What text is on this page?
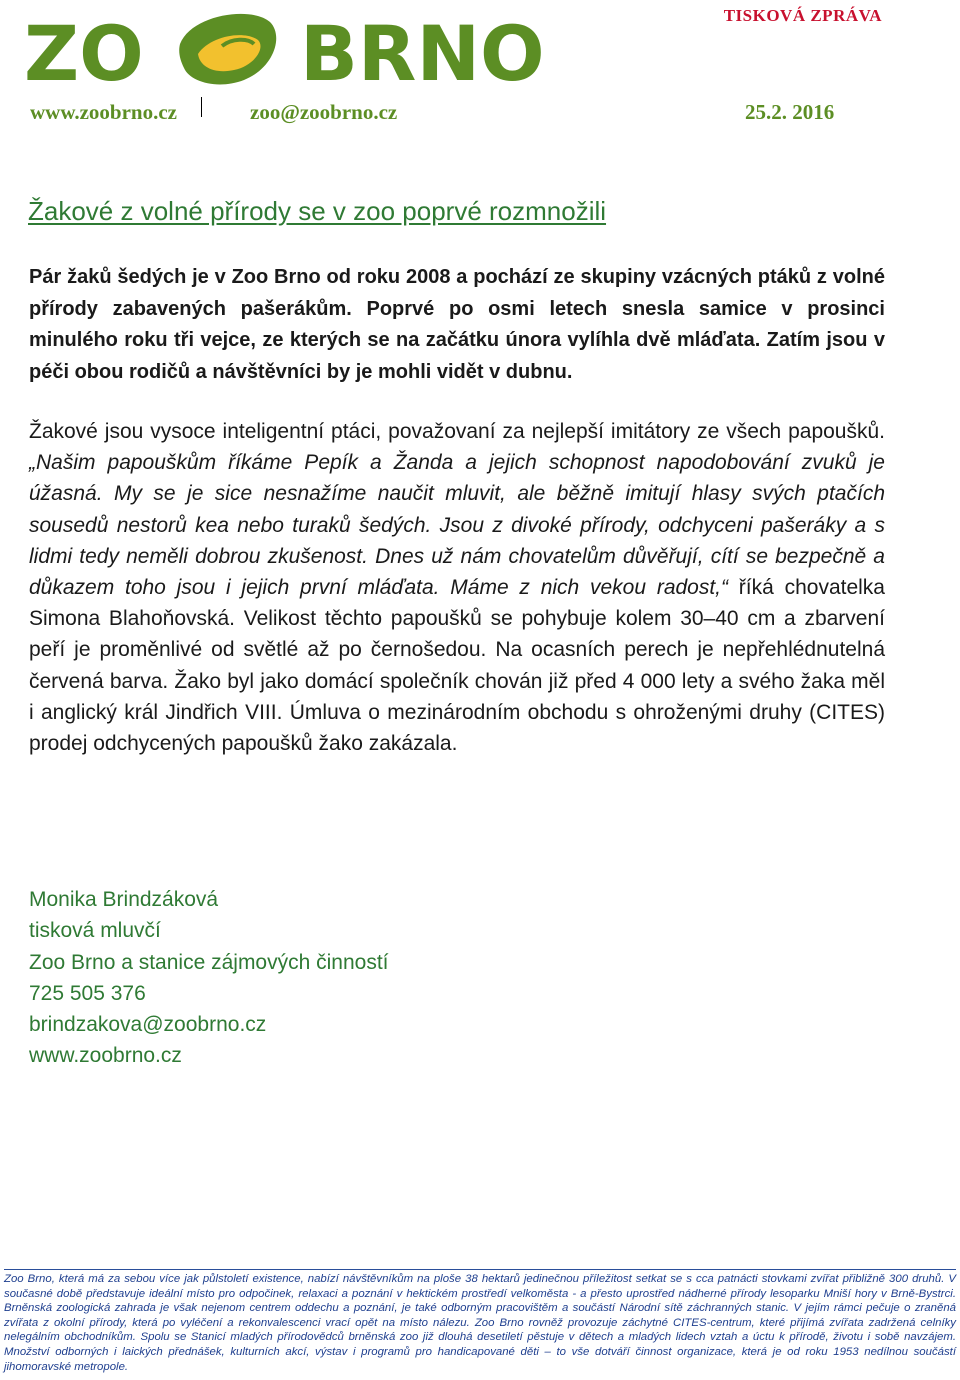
TISKOVÁ ZPRÁVA
ZO BRNO
www.zoobrno.cz	zoo@zoobrno.cz	25.2. 2016
Žakové z volné přírody se v zoo poprvé rozmnožili
Pár žaků šedých je v Zoo Brno od roku 2008 a pochází ze skupiny vzácných ptáků z volné přírody zabavených pašerákům. Poprvé po osmi letech snesla samice v prosinci minulého roku tři vejce, ze kterých se na začátku února vylíhla dvě mláďata. Zatím jsou v péči obou rodičů a návštěvníci by je mohli vidět v dubnu.
Žakové jsou vysoce inteligentní ptáci, považovaní za nejlepší imitátory ze všech papoušků. „Našim papouškům říkáme Pepík a Žanda a jejich schopnost napodobování zvuků je úžasná. My se je sice nesnažíme naučit mluvit, ale běžně imitují hlasy svých ptačích sousedů nestorů kea nebo turaků šedých. Jsou z divoké přírody, odchyceni pašeráky a s lidmi tedy neměli dobrou zkušenost. Dnes už nám chovatelům důvěřují, cítí se bezpečně a důkazem toho jsou i jejich první mláďata. Máme z nich vekou radost,“ říká chovatelka Simona Blahoňovská. Velikost těchto papoušků se pohybuje kolem 30–40 cm a zbarvení peří je proměnlivé od světlé až po černošedou. Na ocasních perech je nepřehlédnutelná červená barva. Žako byl jako domácí společník chován již před 4 000 lety a svého žaka měl i anglický král Jindřich VIII. Úmluva o mezinárodním obchodu s ohroženými druhy (CITES) prodej odchycených papoušků žako zakázala.
Monika Brindzáková
tisková mluvčí
Zoo Brno a stanice zájmových činností
725 505 376
brindzakova@zoobrno.cz
www.zoobrno.cz
Zoo Brno, která má za sebou více jak půlstoletí existence, nabízí návštěvníkům na ploše 38 hektarů jedinečnou příležitost setkat se s cca patnácti stovkami zvířat přibližně 300 druhů. V současné době představuje ideální místo pro odpočinek, relaxaci a poznání v hektickém prostředí velkoměsta - a přesto uprostřed nádherné přírody lesoparku Mniší hory v Brně-Bystrci. Brněnská zoologická zahrada je však nejenom centrem oddechu a poznání, je také odborným pracovištěm a součástí Národní sítě záchranných stanic. V jejím rámci pečuje o zraněná zvířata z okolní přírody, která po vyléčení a rekonvalescenci vrací opět na místo nálezu. Zoo Brno rovněž provozuje záchytné CITES-centrum, které přijímá zvířata zadržená celníky nelegálním obchodníkům. Spolu se Stanicí mladých přírodovědců brněnská zoo již dlouhá desetiletí pěstuje v dětech a mladých lidech vztah a úctu k přírodě, životu i sobě navzájem. Množství odborných i laických přednášek, kulturních akcí, výstav i programů pro handicapované děti – to vše dotváří činnost organizace, která je od roku 1953 nedílnou součástí jihomoravské metropole.
